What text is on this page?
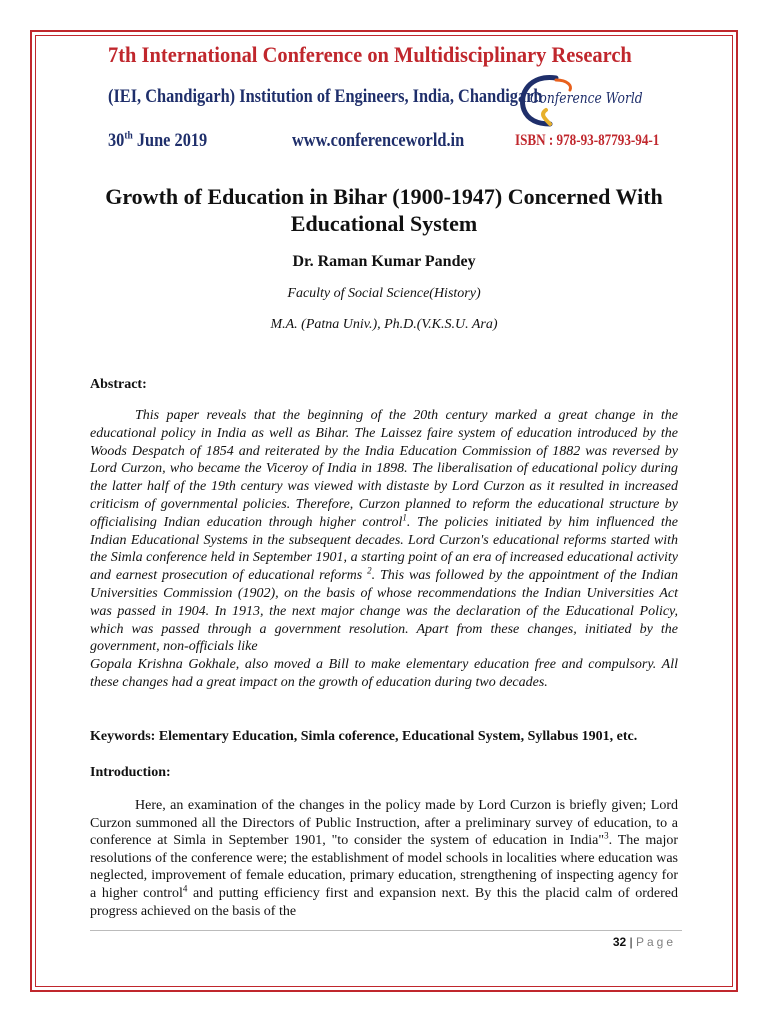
7th International Conference on Multidisciplinary Research
(IEI, Chandigarh) Institution of Engineers, India, Chandigarh
30th June 2019	www.conferenceworld.in	ISBN : 978-93-87793-94-1
Conference World
Growth of Education in Bihar (1900-1947) Concerned With
Educational System
Dr. Raman Kumar Pandey
Faculty of Social Science(History)
M.A. (Patna Univ.), Ph.D.(V.K.S.U. Ara)
Abstract:

This paper reveals that the beginning of the 20th century marked a great change in the educational policy in India as well as Bihar. The Laissez faire system of education introduced by the Woods Despatch of 1854 and reiterated by the India Education Commission of 1882 was reversed by Lord Curzon, who became the Viceroy of India in 1898. The liberalisation of educational policy during the latter half of the 19th century was viewed with distaste by Lord Curzon as it resulted in increased criticism of governmental policies. Therefore, Curzon planned to reform the educational structure by officialising Indian education through higher control$^1$. The policies initiated by him influenced the Indian Educational Systems in the subsequent decades. Lord Curzon's educational reforms started with the Simla conference held in September 1901, a starting point of an era of increased educational activity and earnest prosecution of educational reforms $^2$. This was followed by the appointment of the Indian Universities Commission (1902), on the basis of whose recommendations the Indian Universities Act was passed in 1904. In 1913, the next major change was the declaration of the Educational Policy, which was passed through a government resolution. Apart from these changes, initiated by the government, non-officials like

Gopala Krishna Gokhale, also moved a Bill to make elementary education free and compulsory. All these changes had a great impact on the growth of education during two decades.

Keywords: Elementary Education, Simla coference, Educational System, Syllabus 1901, etc.
Introduction:

Here, an examination of the changes in the policy made by Lord Curzon is briefly given; Lord Curzon summoned all the Directors of Public Instruction, after a preliminary survey of education, to a conference at Simla in September 1901, "to consider the system of education in India"$^3$. The major resolutions of the conference were; the establishment of model schools in localities where education was neglected, improvement of female education, primary education, strengthening of inspecting agency for a higher control$^4$ and putting efficiency first and expansion next. By this the placid calm of ordered progress achieved on the basis of the

32 | Page
